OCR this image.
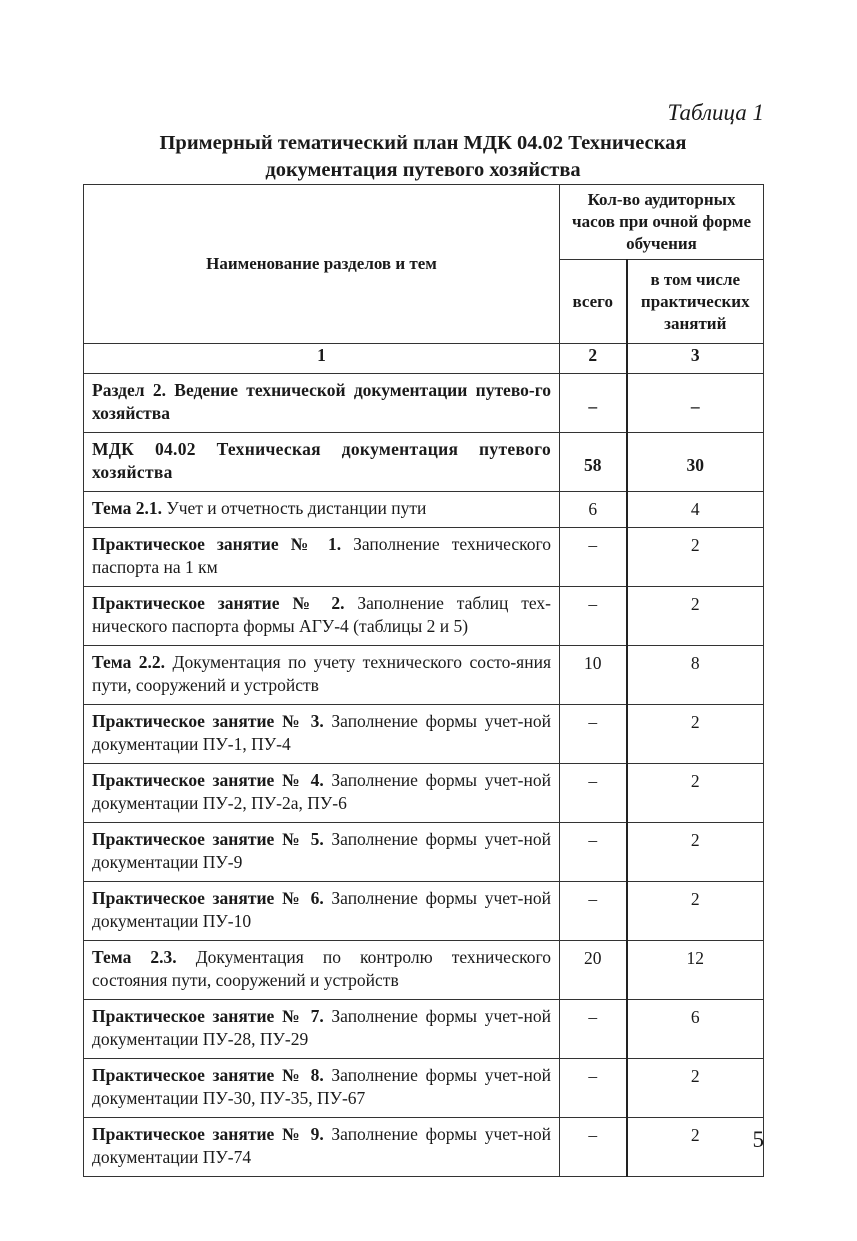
Таблица 1
Примерный тематический план МДК 04.02 Техническая
документация путевого хозяйства
Наименование разделов и тем	Кол-во аудиторных часов при очной форме обучения	
	всего	в том числе практических занятий
1	2	3
Раздел 2. Ведение технической документации путево-го хозяйства	–	–
МДК 04.02 Техническая документация путевого хозяйства	58	30
Тема 2.1. Учет и отчетность дистанции пути	6	4
Практическое занятие № 1. Заполнение технического паспорта на 1 км	–	2
Практическое занятие № 2. Заполнение таблиц тех-нического паспорта формы АГУ-4 (таблицы 2 и 5)	–	2
Тема 2.2. Документация по учету технического состо-яния пути, сооружений и устройств	10	8
Практическое занятие № 3. Заполнение формы учет-ной документации ПУ-1, ПУ-4	–	2
Практическое занятие № 4. Заполнение формы учет-ной документации ПУ-2, ПУ-2а, ПУ-6	–	2
Практическое занятие № 5. Заполнение формы учет-ной документации ПУ-9	–	2
Практическое занятие № 6. Заполнение формы учет-ной документации ПУ-10	–	2
Тема 2.3. Документация по контролю технического состояния пути, сооружений и устройств	20	12
Практическое занятие № 7. Заполнение формы учет-ной документации ПУ-28, ПУ-29	–	6
Практическое занятие № 8. Заполнение формы учет-ной документации ПУ-30, ПУ-35, ПУ-67	–	2
Практическое занятие № 9. Заполнение формы учет-ной документации ПУ-74	–	2 5
